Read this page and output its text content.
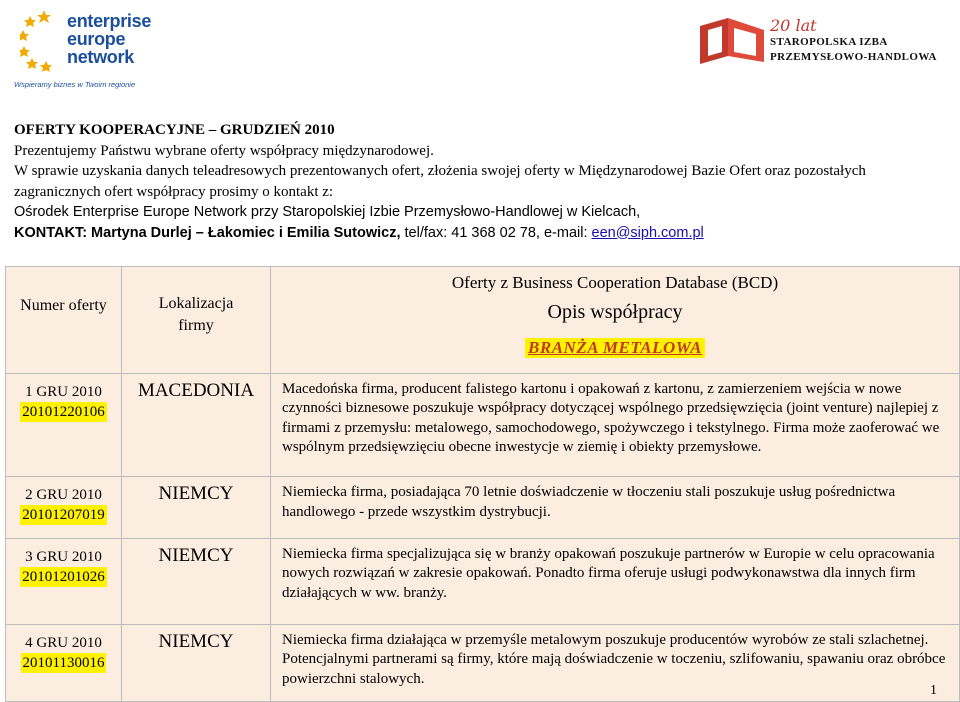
enterprise
europe
network
Wspieramy biznes w Twoim regionie
20 lat
STAROPOLSKA IZBA
PRZEMYSŁOWO-HANDLOWA

OFERTY KOOPERACYJNE – GRUDZIEŃ 2010

Prezentujemy Państwu wybrane oferty współpracy międzynarodowej.

W sprawie uzyskania danych teleadresowych prezentowanych ofert, złożenia swojej oferty w Międzynarodowej Bazie Ofert oraz pozostałych zagranicznych ofert współpracy prosimy o kontakt z:

Ośrodek Enterprise Europe Network przy Staropolskiej Izbie Przemysłowo-Handlowej w Kielcach,

KONTAKT: Martyna Durlej – Łakomiec i Emilia Sutowicz, tel/fax: 41 368 02 78, e-mail: een@siph.com.pl

Numer oferty	Lokalizacja firmy	Oferty z Business Cooperation Database (BCD)
Opis współpracy
BRANŻA METALOWA

1 GRU 2010
20101220106	MACEDONIA	Macedońska firma, producent falistego kartonu i opakowań z kartonu, z zamierzeniem wejścia w nowe czynności biznesowe poszukuje współpracy dotyczącej wspólnego przedsięwzięcia (joint venture) najlepiej z firmami z przemysłu: metalowego, samochodowego, spożywczego i tekstylnego. Firma może zaoferować we wspólnym przedsięwzięciu obecne inwestycje w ziemię i obiekty przemysłowe.

2 GRU 2010
20101207019	NIEMCY	Niemiecka firma, posiadająca 70 letnie doświadczenie w tłoczeniu stali poszukuje usług pośrednictwa handlowego - przede wszystkim dystrybucji.

3 GRU 2010
20101201026	NIEMCY	Niemiecka firma specjalizująca się w branży opakowań poszukuje partnerów w Europie w celu opracowania nowych rozwiązań w zakresie opakowań. Ponadto firma oferuje usługi podwykonawstwa dla innych firm działających w ww. branży.

4 GRU 2010
20101130016	NIEMCY	Niemiecka firma działająca w przemyśle metalowym poszukuje producentów wyrobów ze stali szlachetnej. Potencjalnymi partnerami są firmy, które mają doświadczenie w toczeniu, szlifowaniu, spawaniu oraz obróbce powierzchni stalowych.
1
